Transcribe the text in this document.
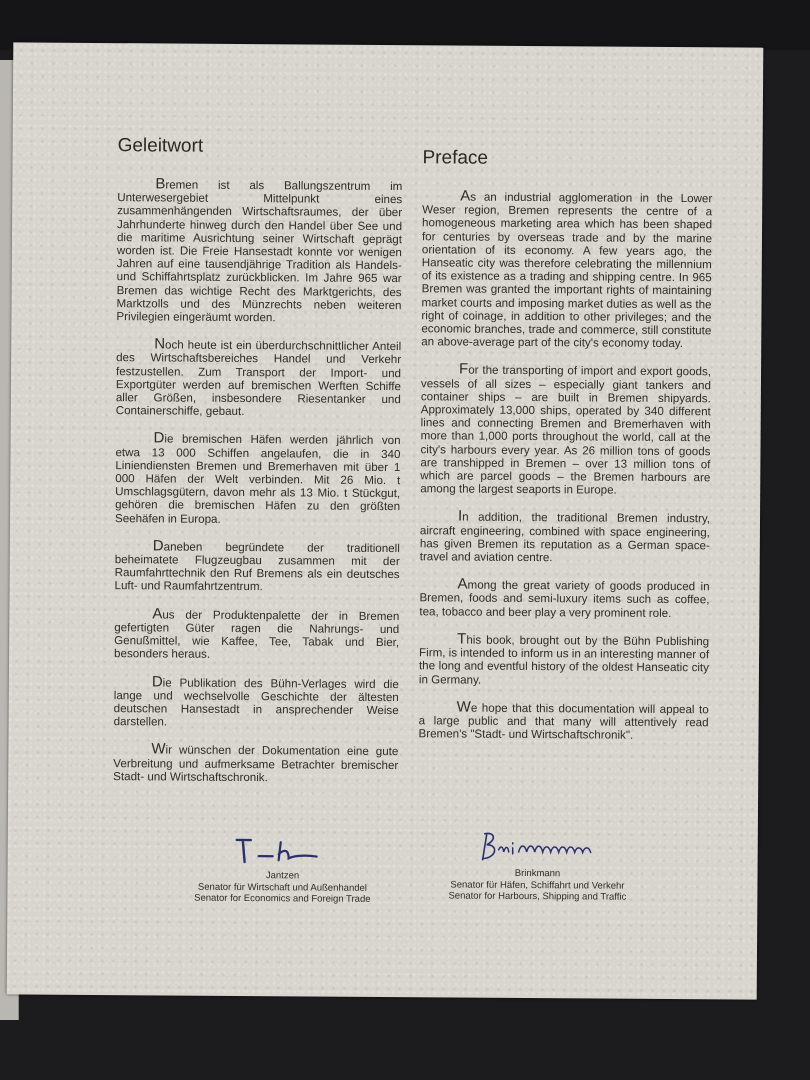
Geleitwort

Bremen ist als Ballungszentrum im Unterwesergebiet Mittelpunkt eines zusammenhängenden Wirtschaftsraumes, der über Jahrhunderte hinweg durch den Handel über See und die maritime Ausrichtung seiner Wirtschaft geprägt worden ist. Die Freie Hansestadt konnte vor wenigen Jahren auf eine tausendjährige Tradition als Handels- und Schiffahrtsplatz zurückblicken. Im Jahre 965 war Bremen das wichtige Recht des Marktgerichts, des Marktzolls und des Münzrechts neben weiteren Privilegien eingeräumt worden.

Noch heute ist ein überdurchschnittlicher Anteil des Wirtschaftsbereiches Handel und Verkehr festzustellen. Zum Transport der Import- und Exportgüter werden auf bremischen Werften Schiffe aller Größen, insbesondere Riesentanker und Containerschiffe, gebaut.

Die bremischen Häfen werden jährlich von etwa 13 000 Schiffen angelaufen, die in 340 Liniendiensten Bremen und Bremerhaven mit über 1 000 Häfen der Welt verbinden. Mit 26 Mio. t Umschlagsgütern, davon mehr als 13 Mio. t Stückgut, gehören die bremischen Häfen zu den größten Seehäfen in Europa.

Daneben begründete der traditionell beheimatete Flugzeugbau zusammen mit der Raumfahrttechnik den Ruf Bremens als ein deutsches Luft- und Raumfahrtzentrum.

Aus der Produktenpalette der in Bremen gefertigten Güter ragen die Nahrungs- und Genußmittel, wie Kaffee, Tee, Tabak und Bier, besonders heraus.

Die Publikation des Bühn-Verlages wird die lange und wechselvolle Geschichte der ältesten deutschen Hansestadt in ansprechender Weise darstellen.

Wir wünschen der Dokumentation eine gute Verbreitung und aufmerksame Betrachter bremischer Stadt- und Wirtschaftschronik.

Preface

As an industrial agglomeration in the Lower Weser region, Bremen represents the centre of a homogeneous marketing area which has been shaped for centuries by overseas trade and by the marine orientation of its economy. A few years ago, the Hanseatic city was therefore celebrating the millennium of its existence as a trading and shipping centre. In 965 Bremen was granted the important rights of maintaining market courts and imposing market duties as well as the right of coinage, in addition to other privileges; and the economic branches, trade and commerce, still constitute an above-average part of the city's economy today.

For the transporting of import and export goods, vessels of all sizes – especially giant tankers and container ships – are built in Bremen shipyards. Approximately 13,000 ships, operated by 340 different lines and connecting Bremen and Bremerhaven with more than 1,000 ports throughout the world, call at the city's harbours every year. As 26 million tons of goods are transhipped in Bremen – over 13 million tons of which are parcel goods – the Bremen harbours are among the largest seaports in Europe.

In addition, the traditional Bremen industry, aircraft engineering, combined with space engineering, has given Bremen its reputation as a German space-travel and aviation centre.

Among the great variety of goods produced in Bremen, foods and semi-luxury items such as coffee, tea, tobacco and beer play a very prominent role.

This book, brought out by the Bühn Publishing Firm, is intended to inform us in an interesting manner of the long and eventful history of the oldest Hanseatic city in Germany.

We hope that this documentation will appeal to a large public and that many will attentively read Bremen's "Stadt- und Wirtschaftschronik".

Jantzen
Senator für Wirtschaft und Außenhandel
Senator for Economics and Foreign Trade
Brinkmann
Senator für Häfen, Schiffahrt und Verkehr
Senator for Harbours, Shipping and Traffic
